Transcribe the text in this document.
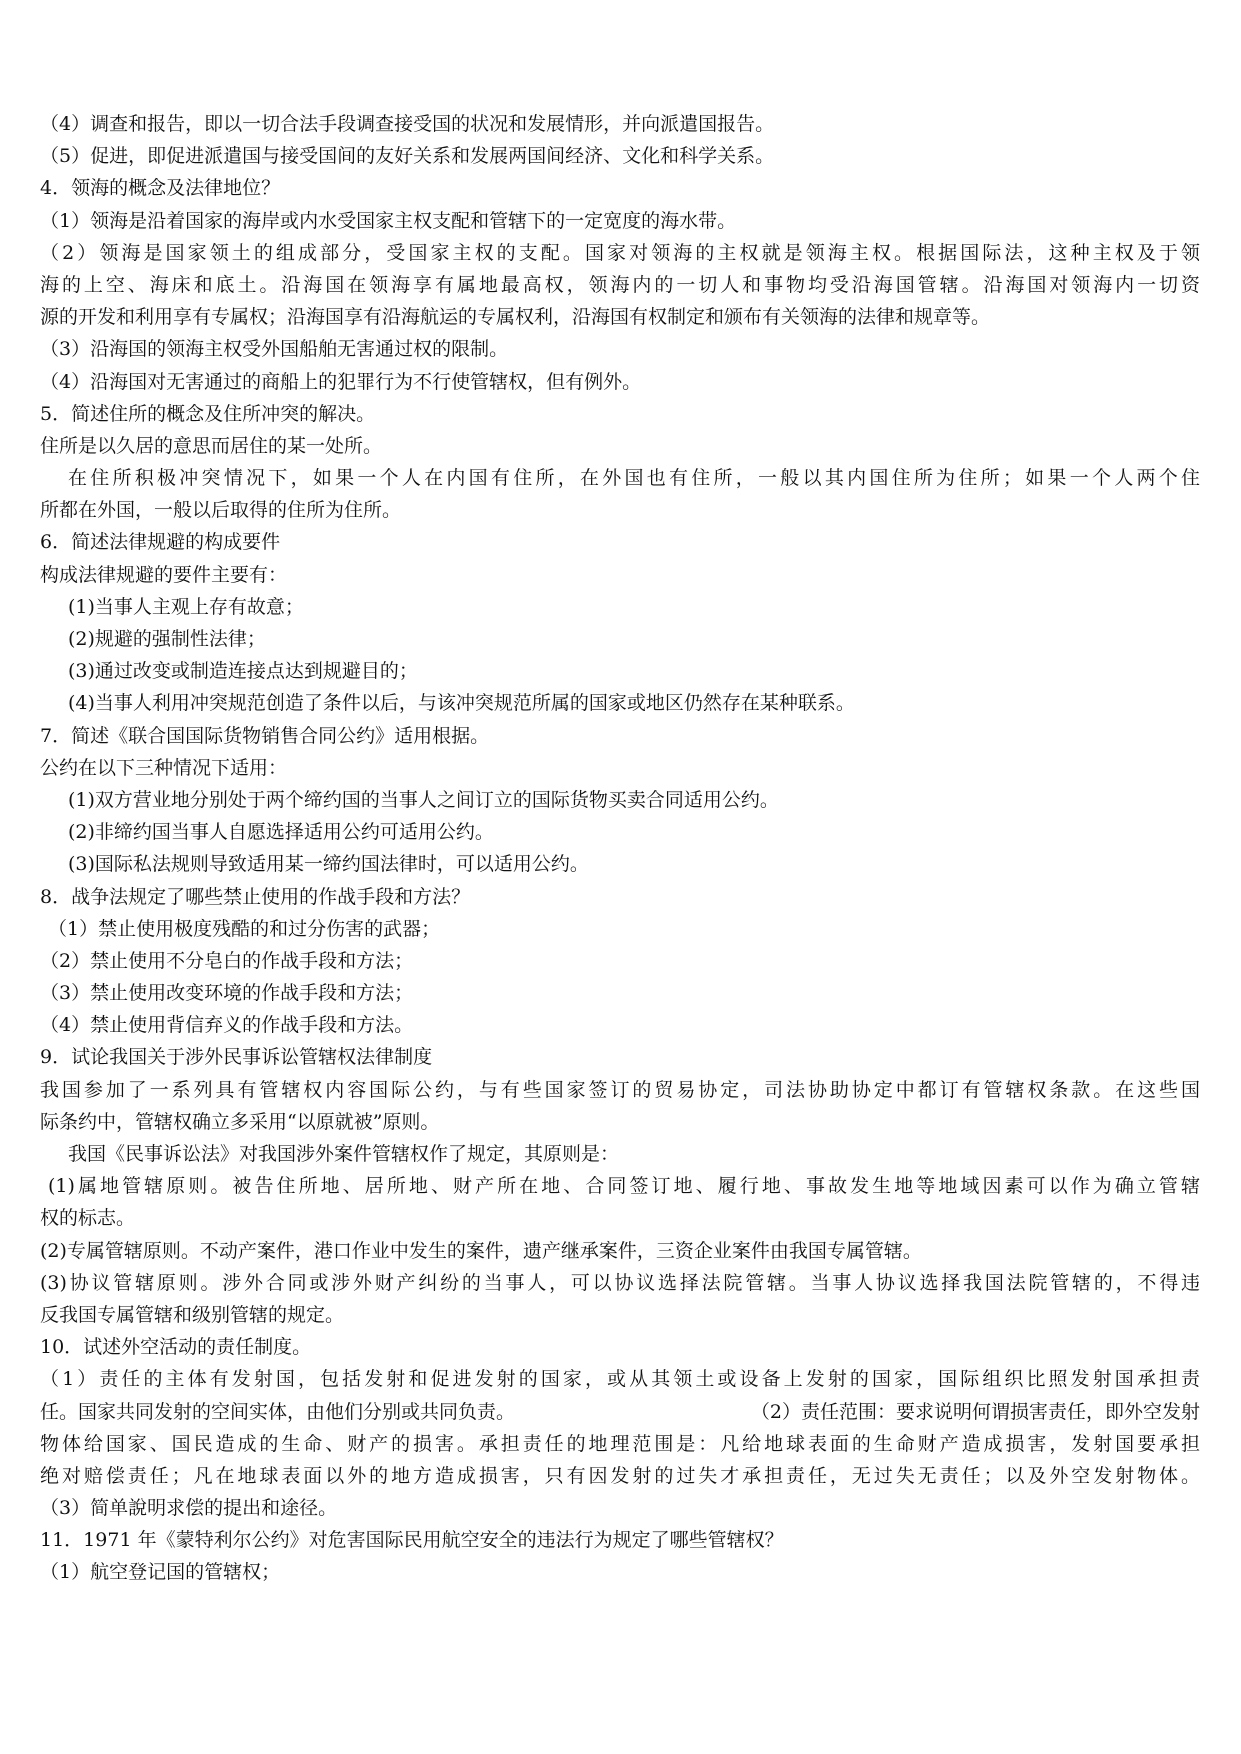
（4）调查和报告，即以一切合法手段调查接受国的状况和发展情形，并向派遣国报告。
（5）促进，即促进派遣国与接受国间的友好关系和发展两国间经济、文化和科学关系。
4．领海的概念及法律地位？
（1）领海是沿着国家的海岸或内水受国家主权支配和管辖下的一定宽度的海水带。
（2）领海是国家领土的组成部分，受国家主权的支配。国家对领海的主权就是领海主权。根据国际法，这种主权及于领
海的上空、海床和底土。沿海国在领海享有属地最高权，领海内的一切人和事物均受沿海国管辖。沿海国对领海内一切资
源的开发和利用享有专属权；沿海国享有沿海航运的专属权利，沿海国有权制定和颁布有关领海的法律和规章等。
（3）沿海国的领海主权受外国船舶无害通过权的限制。
（4）沿海国对无害通过的商船上的犯罪行为不行使管辖权，但有例外。
5．简述住所的概念及住所冲突的解决。
住所是以久居的意思而居住的某一处所。
在住所积极冲突情况下，如果一个人在内国有住所，在外国也有住所，一般以其内国住所为住所；如果一个人两个住
所都在外国，一般以后取得的住所为住所。
6．简述法律规避的构成要件
构成法律规避的要件主要有：
(1)当事人主观上存有故意；
(2)规避的强制性法律；
(3)通过改变或制造连接点达到规避目的；
(4)当事人利用冲突规范创造了条件以后，与该冲突规范所属的国家或地区仍然存在某种联系。
7．简述《联合国国际货物销售合同公约》适用根据。
公约在以下三种情况下适用：
(1)双方营业地分别处于两个缔约国的当事人之间订立的国际货物买卖合同适用公约。
(2)非缔约国当事人自愿选择适用公约可适用公约。
(3)国际私法规则导致适用某一缔约国法律时，可以适用公约。
8．战争法规定了哪些禁止使用的作战手段和方法？
（1）禁止使用极度残酷的和过分伤害的武器；
（2）禁止使用不分皂白的作战手段和方法；
（3）禁止使用改变环境的作战手段和方法；
（4）禁止使用背信弃义的作战手段和方法。
9．试论我国关于涉外民事诉讼管辖权法律制度
我国参加了一系列具有管辖权内容国际公约，与有些国家签订的贸易协定，司法协助协定中都订有管辖权条款。在这些国
际条约中，管辖权确立多采用“以原就被”原则。
我国《民事诉讼法》对我国涉外案件管辖权作了规定，其原则是：
(1)属地管辖原则。被告住所地、居所地、财产所在地、合同签订地、履行地、事故发生地等地域因素可以作为确立管辖
权的标志。
(2)专属管辖原则。不动产案件，港口作业中发生的案件，遗产继承案件，三资企业案件由我国专属管辖。
(3)协议管辖原则。涉外合同或涉外财产纠纷的当事人，可以协议选择法院管辖。当事人协议选择我国法院管辖的，不得违
反我国专属管辖和级别管辖的规定。
10．试述外空活动的责任制度。
（1）责任的主体有发射国，包括发射和促进发射的国家，或从其领土或设备上发射的国家，国际组织比照发射国承担责
任。国家共同发射的空间实体，由他们分别或共同负责。	（2）责任范围：要求说明何谓损害责任，即外空发射
物体给国家、国民造成的生命、财产的损害。承担责任的地理范围是：凡给地球表面的生命财产造成损害，发射国要承担
绝对赔偿责任；凡在地球表面以外的地方造成损害，只有因发射的过失才承担责任，无过失无责任；以及外空发射物体。
（3）简单說明求偿的提出和途径。
11．1971 年《蒙特利尔公约》对危害国际民用航空安全的违法行为规定了哪些管辖权？
（1）航空登记国的管辖权；
